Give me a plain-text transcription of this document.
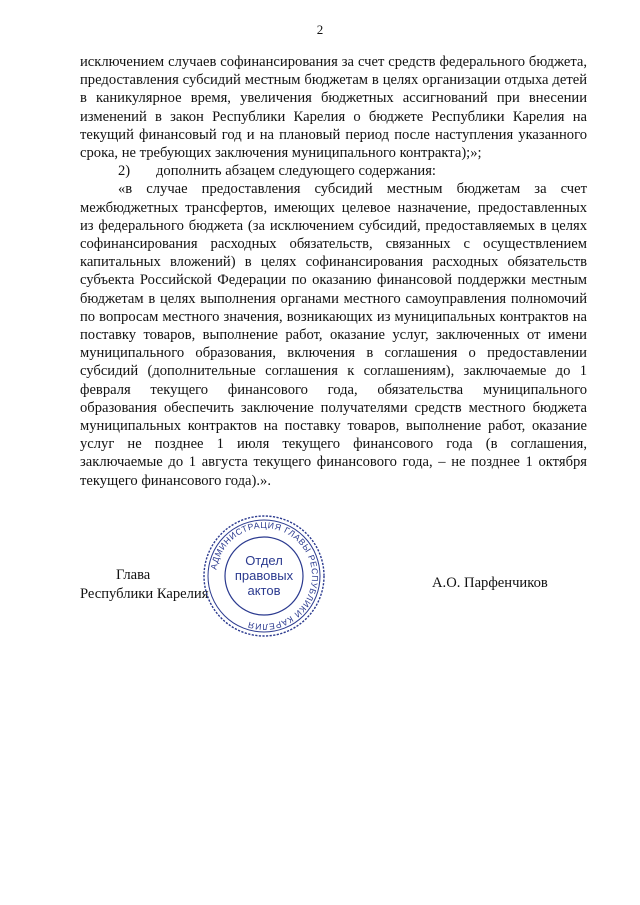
2

исключением случаев софинансирования за счет средств федерального бюджета, предоставления субсидий местным бюджетам в целях организации отдыха детей в каникулярное время, увеличения бюджетных ассигнований при внесении изменений в закон Республики Карелия о бюджете Республики Карелия на текущий финансовый год и на плановый период после наступления указанного срока, не требующих заключения муниципального контракта);»;

2)	дополнить абзацем следующего содержания:

«в случае предоставления субсидий местным бюджетам за счет межбюджетных трансфертов, имеющих целевое назначение, предоставленных из федерального бюджета (за исключением субсидий, предоставляемых в целях софинансирования расходных обязательств, связанных с осуществлением капитальных вложений) в целях софинансирования расходных обязательств субъекта Российской Федерации по оказанию финансовой поддержки местным бюджетам в целях выполнения органами местного самоуправления полномочий по вопросам местного значения, возникающих из муниципальных контрактов на поставку товаров, выполнение работ, оказание услуг, заключенных от имени муниципального образования, включения в соглашения о предоставлении субсидий (дополнительные соглашения к соглашениям), заключаемые до 1 февраля текущего финансового года, обязательства муниципального образования обеспечить заключение получателями средств местного бюджета муниципальных контрактов на поставку товаров, выполнение работ, оказание услуг не позднее 1 июля текущего финансового года (в соглашения, заключаемые до 1 августа текущего финансового года, – не позднее 1 октября текущего финансового года).».

Глава
Республики Карелия
АДМИНИСТРАЦИЯ ГЛАВЫ РЕСПУБЛИКИ КАРЕЛИЯ
Отдел
правовых
актов	А.О. Парфенчиков
